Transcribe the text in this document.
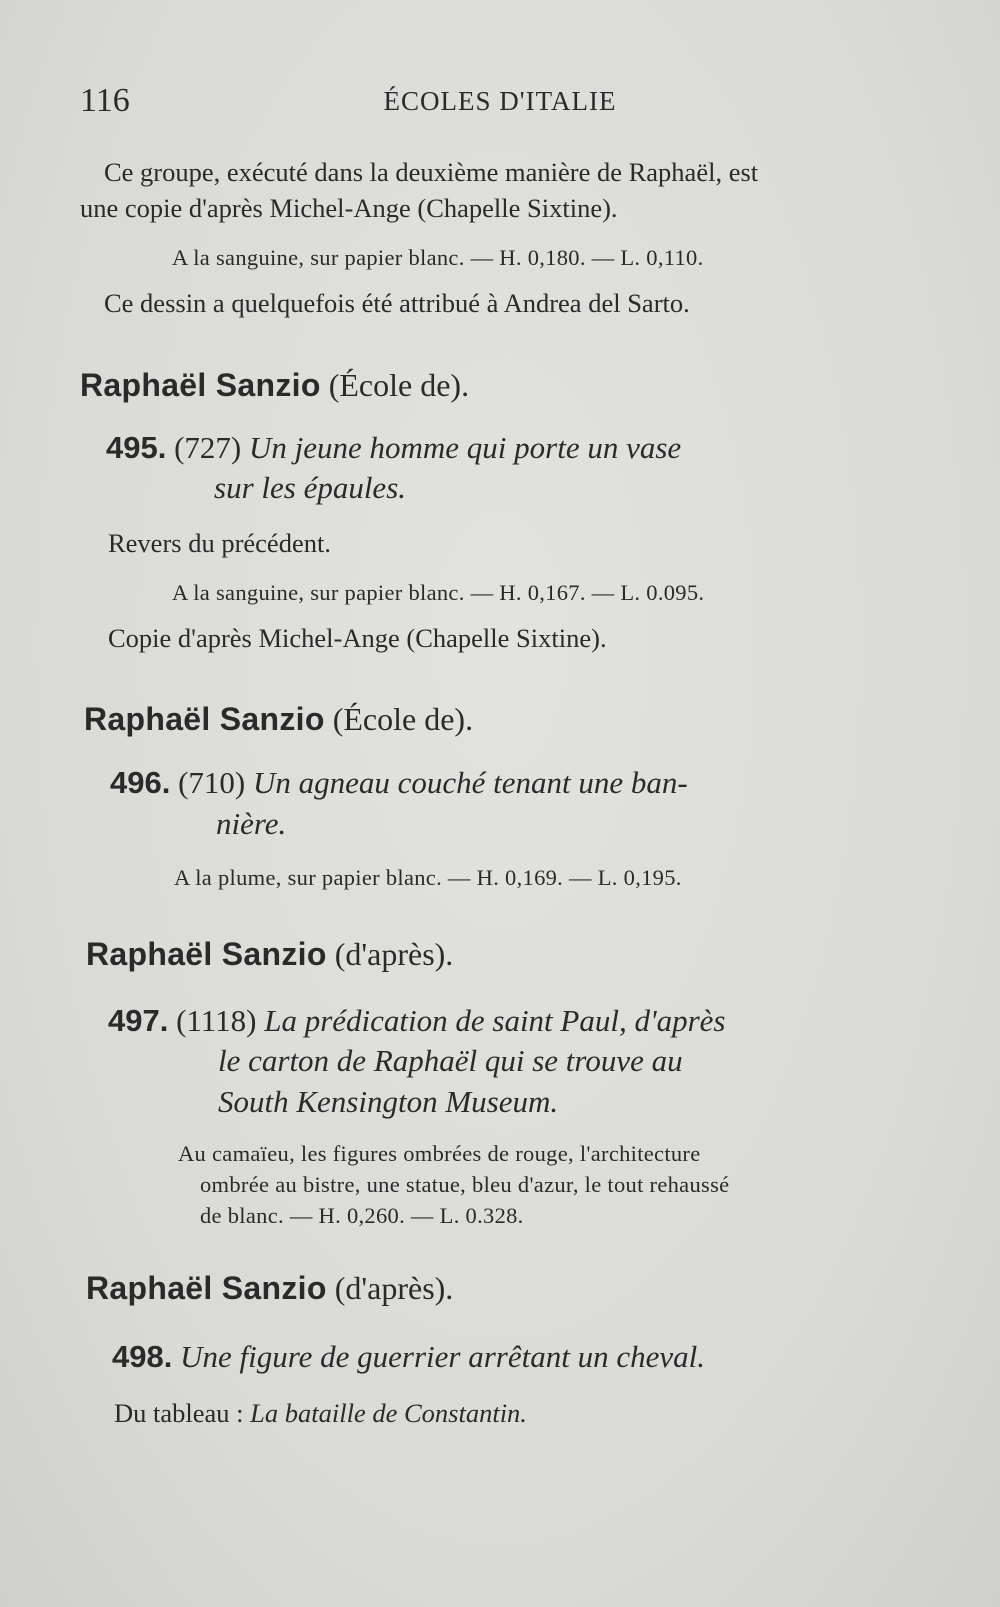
116	ÉCOLES D'ITALIE
Ce groupe, exécuté dans la deuxième manière de Raphaël, est
une copie d'après Michel-Ange (Chapelle Sixtine).
A la sanguine, sur papier blanc. — H. 0,180. — L. 0,110.
Ce dessin a quelquefois été attribué à Andrea del Sarto.
Raphaël Sanzio (École de).
495. (727) Un jeune homme qui porte un vase
sur les épaules.
Revers du précédent.
A la sanguine, sur papier blanc. — H. 0,167. — L. 0.095.
Copie d'après Michel-Ange (Chapelle Sixtine).
Raphaël Sanzio (École de).
496. (710) Un agneau couché tenant une ban-
nière.
A la plume, sur papier blanc. — H. 0,169. — L. 0,195.
Raphaël Sanzio (d'après).
497. (1118) La prédication de saint Paul, d'après
le carton de Raphaël qui se trouve au
South Kensington Museum.
Au camaïeu, les figures ombrées de rouge, l'architecture
ombrée au bistre, une statue, bleu d'azur, le tout rehaussé
de blanc. — H. 0,260. — L. 0.328.
Raphaël Sanzio (d'après).
498. Une figure de guerrier arrêtant un cheval.
Du tableau : La bataille de Constantin.
